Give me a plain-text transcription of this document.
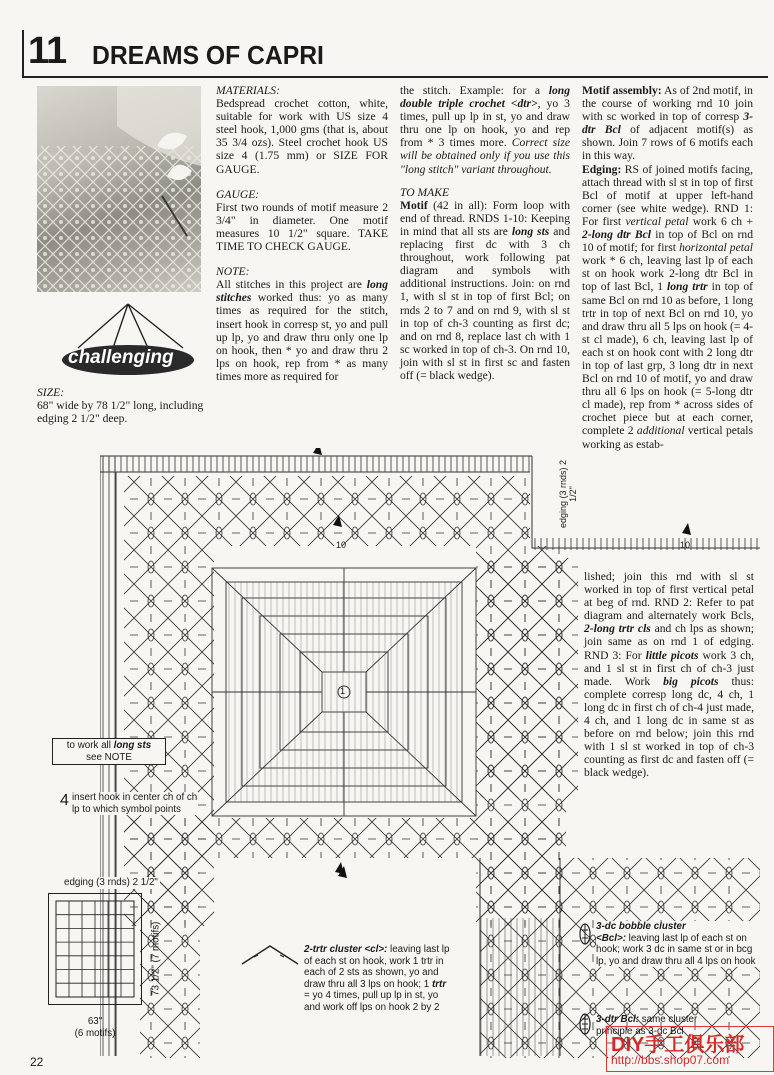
11 DREAMS OF CAPRI
challenging
SIZE:
68" wide by 78 1/2" long, including edging 2 1/2" deep.

MATERIALS:
Bedspread crochet cotton, white, suitable for work with US size 4 steel hook, 1,000 gms (that is, about 35 3/4 ozs). Steel crochet hook US size 4 (1.75 mm) or SIZE FOR GAUGE.

GAUGE:
First two rounds of motif measure 2 3/4" in diameter. One motif measures 10 1/2" square. TAKE TIME TO CHECK GAUGE.

NOTE:
All stitches in this project are long stitches worked thus: yo as many times as required for the stitch, insert hook in corresp st, yo and pull up lp, yo and draw thru only one lp on hook, then * yo and draw thru 2 lps on hook, rep from * as many times more as required for

the stitch. Example: for a long double triple crochet <dtr>, yo 3 times, pull up lp in st, yo and draw thru one lp on hook, yo and rep from * 3 times more. Correct size will be obtained only if you use this "long stitch" variant throughout.

TO MAKE
Motif (42 in all): Form loop with end of thread. RNDS 1-10: Keeping in mind that all sts are long sts and replacing first dc with 3 ch throughout, work following pat diagram and symbols with additional instructions. Join: on rnd 1, with sl st in top of first Bcl; on rnds 2 to 7 and on rnd 9, with sl st in top of ch-3 counting as first dc; and on rnd 8, replace last ch with 1 sc worked in top of ch-3. On rnd 10, join with sl st in first sc and fasten off (= black wedge).

Motif assembly: As of 2nd motif, in the course of working rnd 10 join with sc worked in top of corresp 3-dtr Bcl of adjacent motif(s) as shown. Join 7 rows of 6 motifs each in this way.

Edging: RS of joined motifs facing, attach thread with sl st in top of first Bcl of motif at upper left-hand corner (see white wedge). RND 1: For first vertical petal work 6 ch + 2-long dtr Bcl in top of Bcl on rnd 10 of motif; for first horizontal petal work * 6 ch, leaving last lp of each st on hook work 2-long dtr Bcl in top of last Bcl, 1 long trtr in top of same Bcl on rnd 10 as before, 1 long trtr in top of next Bcl on rnd 10, yo and draw thru all 5 lps on hook (= 4-st cl made), 6 ch, leaving last lp of each st on hook cont with 2 long dtr in top of last grp, 3 long dtr in next Bcl on rnd 10 of motif, yo and draw thru all 6 lps on hook (= 5-long dtr cl made), rep from * across sides of crochet piece but at each corner, complete 2 additional vertical petals working as estab-

10	10
1
edging (3 rnds) 2 1/2"

lished; join this rnd with sl st worked in top of first vertical petal at beg of rnd. RND 2: Refer to pat diagram and alternately work Bcls, 2-long trtr cls and ch lps as shown; join same as on rnd 1 of edging. RND 3: For little picots work 3 ch, and 1 sl st in first ch of ch-3 just made. Work big picots thus: complete corresp long dc, 4 ch, 1 long dc in first ch of ch-4 just made, 4 ch, and 1 long dc in same st as before on rnd below; join this rnd with 1 sl st worked in top of ch-3 counting as first dc and fasten off (= black wedge).

to work all long sts
see NOTE
4 insert hook in center ch of ch lp to which symbol points
edging (3 rnds) 2 1/2"
73 1/2" (7 motifs)
63"
(6 motifs)
2-trtr cluster <cl>: leaving last lp of each st on hook, work 1 trtr in each of 2 sts as shown, yo and draw thru all 3 lps on hook; 1 trtr = yo 4 times, pull up lp in st, yo and work off lps on hook 2 by 2
3-dc bobble cluster
<Bcl>: leaving last lp of each st on hook; work 3 dc in same st or in bcg lp, yo and draw thru all 4 lps on hook
3-dtr Bcl: same cluster principle as 3-dc Bcl
22
DIY手工俱乐部
http://bbs.shop07.com
